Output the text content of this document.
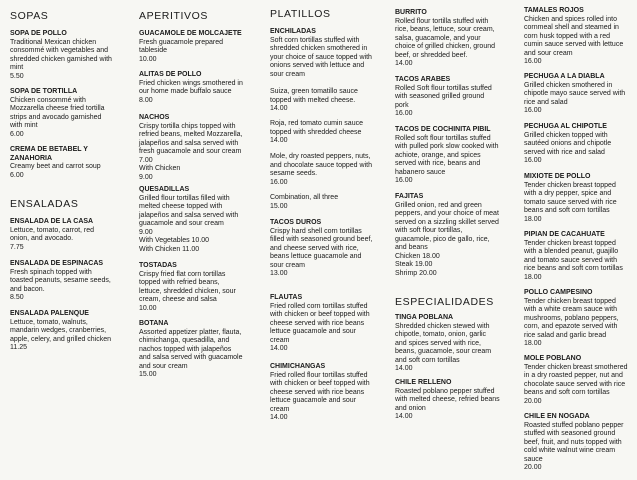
SOPAS
SOPA DE POLLO
Traditional Mexican chicken
consommé with vegetables and
shredded chicken garnished with
mint
5.50
SOPA DE TORTILLA
Chicken consommé with
Mozzarella cheese fried tortilla
strips and avocado garnished
with mint
6.00
CREMA DE BETABEL Y
ZANAHORIA
Creamy beet and carrot soup
6.00
ENSALADAS
ENSALADA DE LA CASA
Lettuce, tomato, carrot, red
onion, and avocado.
7.75
ENSALADA DE ESPINACAS
Fresh spinach topped with
toasted peanuts, sesame seeds,
and bacon.
8.50
ENSALADA PALENQUE
Lettuce, tomato, walnuts,
mandarin wedges, cranberries,
apple, celery, and grilled chicken
11.25
APERITIVOS
GUACAMOLE DE MOLCAJETE
Fresh guacamole prepared
tableside
10.00
ALITAS DE POLLO
Fried chicken wings smothered in
our home made buffalo sauce
8.00
NACHOS
Crispy tortilla chips topped with
refried beans, melted Mozzarella,
jalapeños and salsa served with
fresh guacamole and sour cream
7.00
With Chicken
9.00
QUESADILLAS
Grilled flour tortillas filled with
melted cheese topped with
jalapeños and salsa served with
guacamole and sour cream
9.00
With Vegetables 10.00
With Chicken 11.00
TOSTADAS
Crispy fried flat corn tortillas
topped with refried beans,
lettuce, shredded chicken, sour
cream, cheese and salsa
10.00
BOTANA
Assorted appetizer platter, flauta,
chimichanga, quesadilla, and
nachos topped with jalapeños
and salsa served with guacamole
and sour cream
15.00
PLATILLOS
ENCHILADAS
Soft corn tortillas stuffed with
shredded chicken smothered in
your choice of sauce topped with
onions served with lettuce and
sour cream
Suiza, green tomatillo sauce
topped with melted cheese.
14.00
Roja, red tomato cumin sauce
topped with shredded cheese
14.00
Mole, dry roasted peppers, nuts,
and chocolate sauce topped with
sesame seeds.
16.00
Combination, all three
15.00
TACOS DUROS
Crispy hard shell corn tortillas
filled with seasoned ground beef,
and cheese served with rice,
beans lettuce guacamole and
sour cream
13.00
FLAUTAS
Fried rolled corn tortillas stuffed
with chicken or beef topped with
cheese served with rice beans
lettuce guacamole and sour
cream
14.00
CHIMICHANGAS
Fried rolled flour tortillas stuffed
with chicken or beef topped with
cheese served with rice beans
lettuce guacamole and sour
cream
14.00
BURRITO
Rolled flour tortilla stuffed with
rice, beans, lettuce, sour cream,
salsa, guacamole, and your
choice of grilled chicken, ground
beef, or shredded beef.
14.00
TACOS ARABES
Rolled Soft flour tortillas stuffed
with seasoned grilled ground
pork
16.00
TACOS DE COCHINITA PIBIL
Rolled soft flour tortillas stuffed
with pulled pork slow cooked with
achiote, orange, and spices
served with rice, beans and
habanero sauce
16.00
FAJITAS
Grilled onion, red and green
peppers, and your choice of meat
served on a sizzling skillet served
with soft flour tortillas,
guacamole, pico de gallo, rice,
and beans
Chicken 18.00
Steak 19.00
Shrimp 20.00
ESPECIALIDADES
TINGA POBLANA
Shredded chicken stewed with
chipotle, tomato, onion, garlic
and spices served with rice,
beans, guacamole, sour cream
and soft corn tortillas
14.00
CHILE RELLENO
Roasted poblano pepper stuffed
with melted cheese, refried beans
and onion
14.00
TAMALES ROJOS
Chicken and spices rolled into
cornmeal shell and steamed in
corn husk topped with a red
cumin sauce served with lettuce
and sour cream
16.00
PECHUGA A LA DIABLA
Grilled chicken smothered in
chipotle mayo sauce served with
rice and salad
16.00
PECHUGA AL CHIPOTLE
Grilled chicken topped with
sautéed onions and chipotle
served with rice and salad
16.00
MIXIOTE DE POLLO
Tender chicken breast topped
with a dry pepper, spice and
tomato sauce served with rice
beans and soft corn tortillas
18.00
PIPIAN DE CACAHUATE
Tender chicken breast topped
with a blended peanut, guajillo
and tomato sauce served with
rice beans and soft corn tortillas
18.00
POLLO CAMPESINO
Tender chicken breast topped
with a white cream sauce with
mushrooms, poblano peppers,
corn, and epazote served with
rice salad and garlic bread
18.00
MOLE POBLANO
Tender chicken breast smothered
in a dry roasted pepper, nut and
chocolate sauce served with rice
beans and soft corn tortillas
20.00
CHILE EN NOGADA
Roasted stuffed poblano pepper
stuffed with seasoned ground
beef, fruit, and nuts topped with
cold white walnut wine cream
sauce
20.00
